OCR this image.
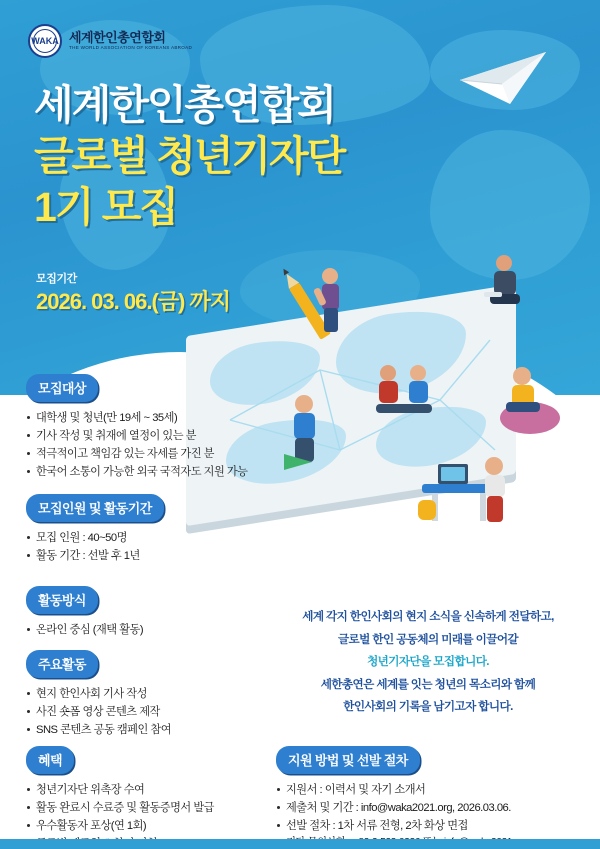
WAKA 세계한인총연합회
THE WORLD ASSOCIATION OF KOREANS ABROAD
세계한인총연합회
글로벌 청년기자단
1기 모집
모집기간
2026. 03. 06.(금) 까지
모집대상
대학생 및 청년(만 19세 ~ 35세)
기사 작성 및 취재에 열정이 있는 분
적극적이고 책임감 있는 자세를 가진 분
한국어 소통이 가능한 외국 국적자도 지원 가능
모집인원 및 활동기간
모집 인원 : 40~50명
활동 기간 : 선발 후 1년
활동방식
온라인 중심 (재택 활동)
주요활동
현지 한인사회 기사 작성
사진 숏폼 영상 콘텐츠 제작
SNS 콘텐츠 공동 캠페인 참여
혜택
청년기자단 위촉장 수여
활동 완료시 수료증 및 활동증명서 발급
우수활동자 포상(연 1회)
지원 방법 및 선발 절차
지원서 : 이력서 및 자기 소개서
제출처 및 기간 : info@waka2021.org, 2026.03.06.
선발 절차 : 1차 서류 전형, 2차 화상 면접

세계 각지 한인사회의 현지 소식을 신속하게 전달하고,

글로벌 한인 공동체의 미래를 이끌어갈

청년기자단을 모집합니다.

세한총연은 세계를 잇는 청년의 목소리와 함께

한인사회의 기록을 남기고자 합니다.
